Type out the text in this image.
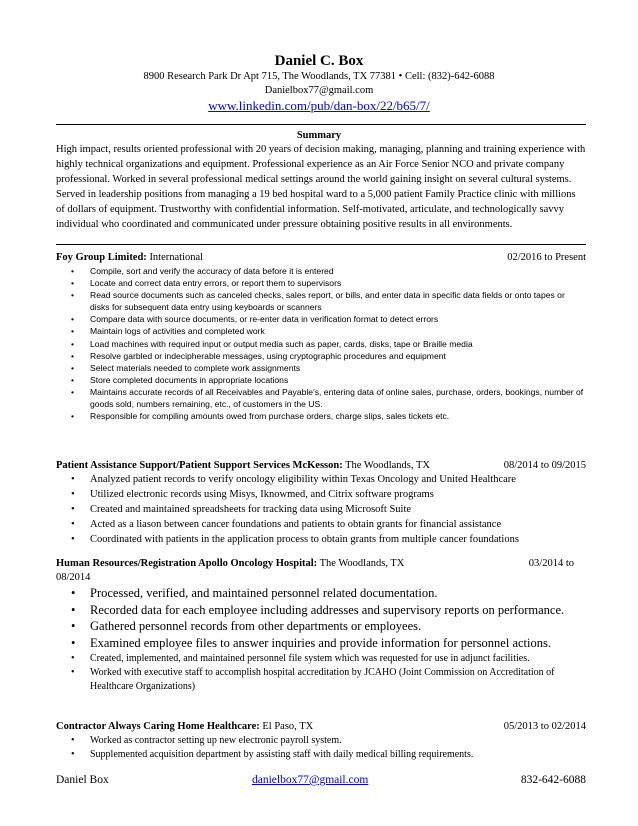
Daniel C. Box
8900 Research Park Dr Apt 715, The Woodlands, TX 77381 • Cell: (832)-642-6088
Danielbox77@gmail.com
www.linkedin.com/pub/dan-box/22/b65/7/
Summary
High impact, results oriented professional with 20 years of decision making, managing, planning and training experience with highly technical organizations and equipment. Professional experience as an Air Force Senior NCO and private company professional. Worked in several professional medical settings around the world gaining insight on several cultural systems. Served in leadership positions from managing a 19 bed hospital ward to a 5,000 patient Family Practice clinic with millions of dollars of equipment. Trustworthy with confidential information. Self-motivated, articulate, and technologically savvy individual who coordinated and communicated under pressure obtaining positive results in all environments.
Foy Group Limited: International	02/2016 to Present
• Compile, sort and verify the accuracy of data before it is entered
• Locate and correct data entry errors, or report them to supervisors
• Read source documents such as canceled checks, sales report, or bills, and enter data in specific data fields or onto tapes or disks for subsequent data entry using keyboards or scanners
• Compare data with source documents, or re-enter data in verification format to detect errors
• Maintain logs of activities and completed work
• Load machines with required input or output media such as paper, cards, disks, tape or Braille media
• Resolve garbled or indecipherable messages, using cryptographic procedures and equipment
• Select materials needed to complete work assignments
• Store completed documents in appropriate locations
• Maintains accurate records of all Receivables and Payable's, entering data of online sales, purchase, orders, bookings, number of goods sold, numbers remaining, etc., of customers in the US.
• Responsible for compiling amounts owed from purchase orders, charge slips, sales tickets etc.
Patient Assistance Support/Patient Support Services McKesson: The Woodlands, TX	08/2014 to 09/2015
• Analyzed patient records to verify oncology eligibility within Texas Oncology and United Healthcare
• Utilized electronic records using Misys, Iknowmed, and Citrix software programs
• Created and maintained spreadsheets for tracking data using Microsoft Suite
• Acted as a liason between cancer foundations and patients to obtain grants for financial assistance
• Coordinated with patients in the application process to obtain grants from multiple cancer foundations
Human Resources/Registration Apollo Oncology Hospital: The Woodlands, TX	03/2014 to
08/2014
• Processed, verified, and maintained personnel related documentation.
• Recorded data for each employee including addresses and supervisory reports on performance.
• Gathered personnel records from other departments or employees.
• Examined employee files to answer inquiries and provide information for personnel actions.
• Created, implemented, and maintained personnel file system which was requested for use in adjunct facilities.
• Worked with executive staff to accomplish hospital accreditation by JCAHO (Joint Commission on Accreditation of Healthcare Organizations)
Contractor Always Caring Home Healthcare: El Paso, TX	05/2013 to 02/2014
• Worked as contractor setting up new electronic payroll system.
• Supplemented acquisition department by assisting staff with daily medical billing requirements.
Daniel Box	danielbox77@gmail.com	832-642-6088
